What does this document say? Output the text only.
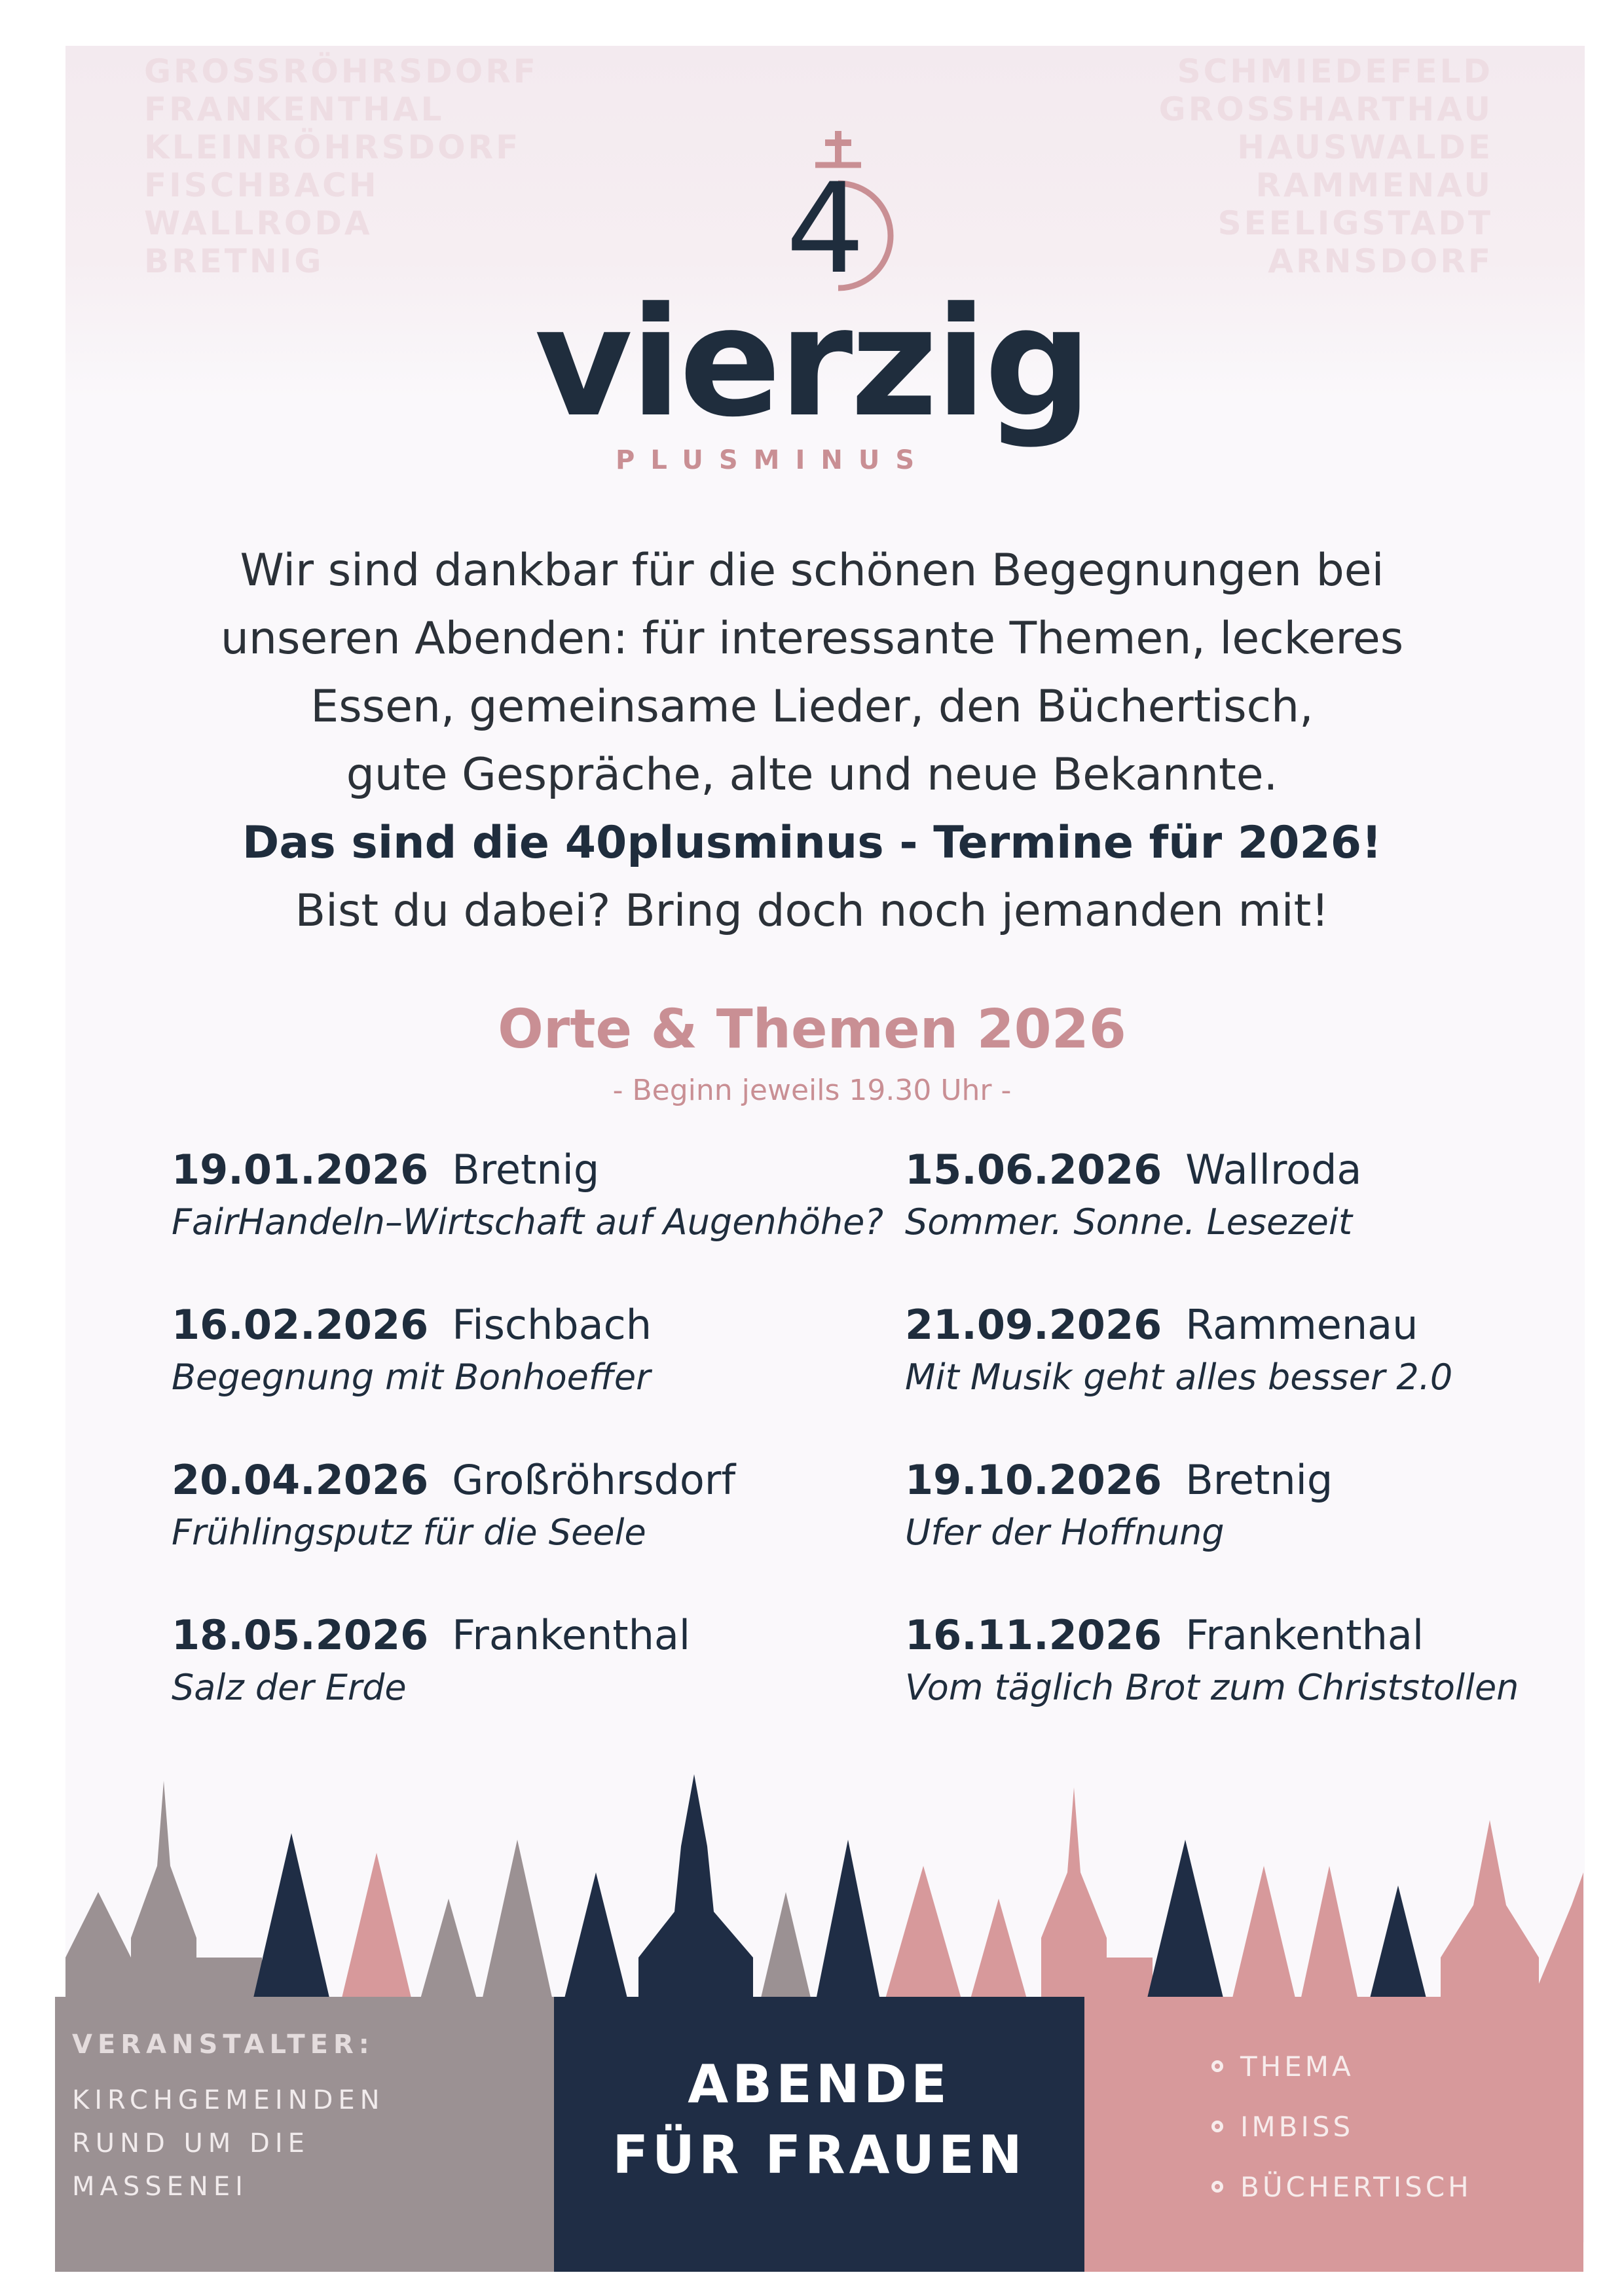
GROSSRÖHRSDORF
FRANKENTHAL
KLEINRÖHRSDORF
FISCHBACH
WALLRODA
BRETNIG
SCHMIEDEFELD
GROSSHARTHAU
HAUSWALDE
RAMMENAU
SEELIGSTADT
ARNSDORF
4
vierzig
PLUSMINUS
Wir sind dankbar für die schönen Begegnungen bei
unseren Abenden: für interessante Themen, leckeres
Essen, gemeinsame Lieder, den Büchertisch,
gute Gespräche, alte und neue Bekannte.
Das sind die 40plusminus - Termine für 2026!
Bist du dabei? Bring doch noch jemanden mit!
Orte & Themen 2026
- Beginn jeweils 19.30 Uhr -
19.01.2026 Bretnig
FairHandeln–Wirtschaft auf Augenhöhe?
16.02.2026 Fischbach
Begegnung mit Bonhoeffer
20.04.2026 Großröhrsdorf
Frühlingsputz für die Seele
18.05.2026 Frankenthal
Salz der Erde
15.06.2026 Wallroda
Sommer. Sonne. Lesezeit
21.09.2026 Rammenau
Mit Musik geht alles besser 2.0
19.10.2026 Bretnig
Ufer der Hoffnung
16.11.2026 Frankenthal
Vom täglich Brot zum Christstollen
VERANSTALTER:
KIRCHGEMEINDEN
RUND UM DIE
MASSENEI
ABENDE
FÜR FRAUEN
THEMA
IMBISS
BÜCHERTISCH
